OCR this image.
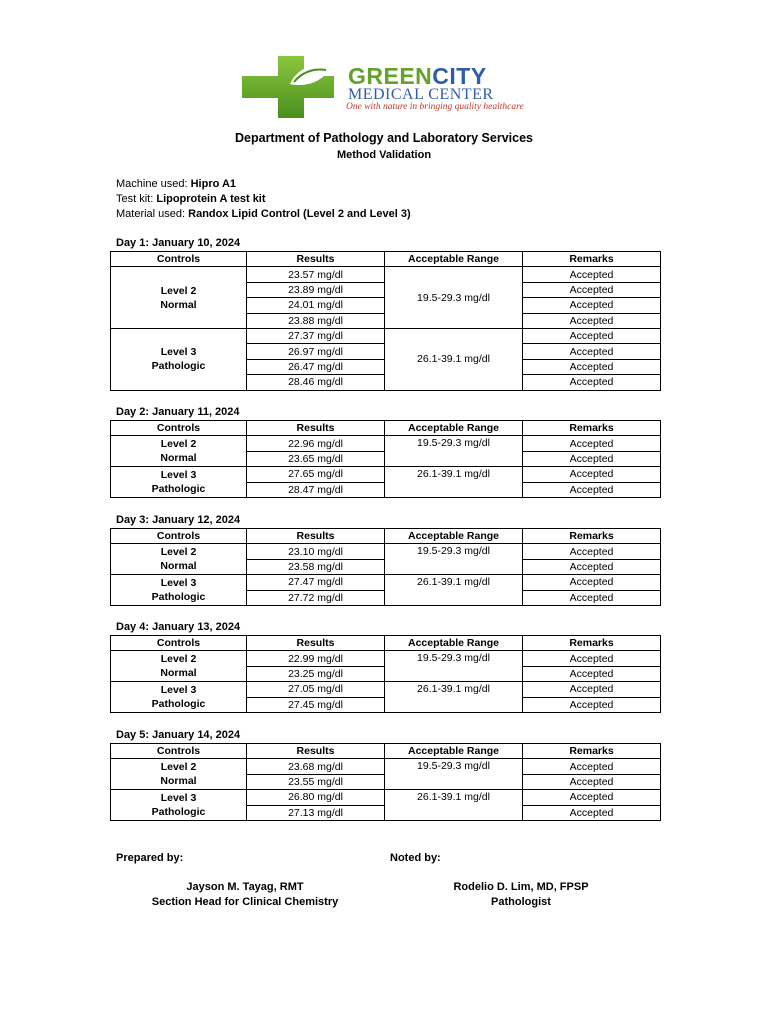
GREENCITY
MEDICAL CENTER
One with nature in bringing quality healthcare
Department of Pathology and Laboratory Services
Method Validation
Machine used: Hipro A1
Test kit: Lipoprotein A test kit
Material used: Randox Lipid Control (Level 2 and Level 3)
Day 1: January 10, 2024
Controls	Results	Acceptable Range	Remarks

Level 2
Normal	23.57 mg/dl	19.5-29.3 mg/dl	Accepted
	23.89 mg/dl		Accepted
	24.01 mg/dl		Accepted
	23.88 mg/dl		Accepted

Level 3
Pathologic	27.37 mg/dl	26.1-39.1 mg/dl	Accepted
	26.97 mg/dl		Accepted
	26.47 mg/dl		Accepted
	28.46 mg/dl		Accepted
Day 2: January 11, 2024
Controls	Results	Acceptable Range	Remarks

Level 2
Normal	22.96 mg/dl	19.5-29.3 mg/dl	Accepted
	23.65 mg/dl		Accepted

Level 3
Pathologic	27.65 mg/dl	26.1-39.1 mg/dl	Accepted
	28.47 mg/dl		Accepted
Day 3: January 12, 2024
Controls	Results	Acceptable Range	Remarks

Level 2
Normal	23.10 mg/dl	19.5-29.3 mg/dl	Accepted
	23.58 mg/dl		Accepted

Level 3
Pathologic	27.47 mg/dl	26.1-39.1 mg/dl	Accepted
	27.72 mg/dl		Accepted
Day 4: January 13, 2024
Controls	Results	Acceptable Range	Remarks

Level 2
Normal	22.99 mg/dl	19.5-29.3 mg/dl	Accepted
	23.25 mg/dl		Accepted

Level 3
Pathologic	27.05 mg/dl	26.1-39.1 mg/dl	Accepted
	27.45 mg/dl		Accepted
Day 5: January 14, 2024
Controls	Results	Acceptable Range	Remarks

Level 2
Normal	23.68 mg/dl	19.5-29.3 mg/dl	Accepted
	23.55 mg/dl		Accepted

Level 3
Pathologic	26.80 mg/dl	26.1-39.1 mg/dl	Accepted
	27.13 mg/dl		Accepted
Prepared by:	Noted by:
Jayson M. Tayag, RMT
Section Head for Clinical Chemistry
Rodelio D. Lim, MD, FPSP
Pathologist
